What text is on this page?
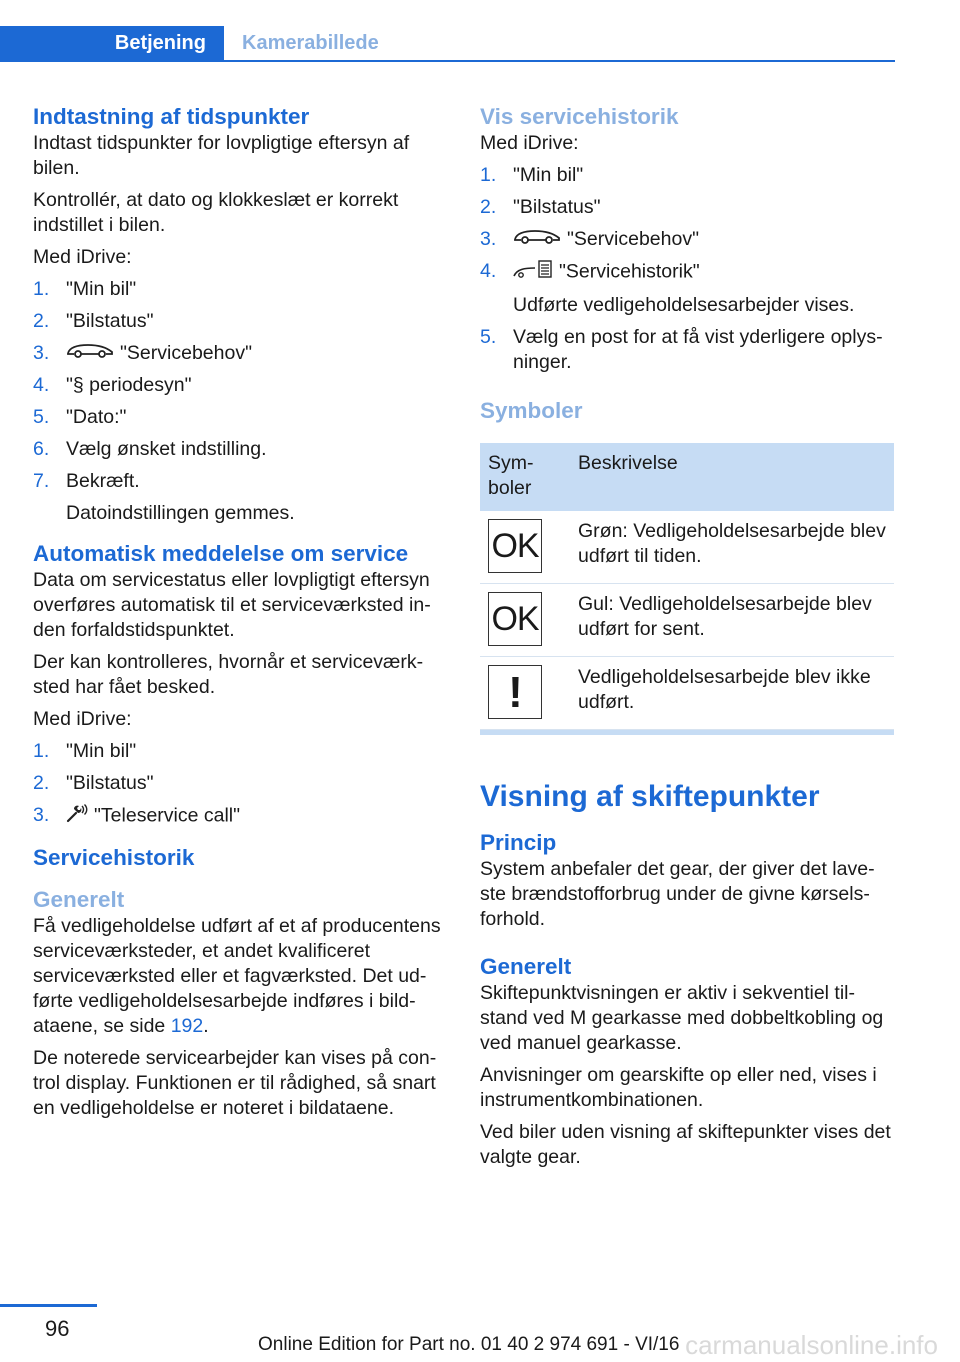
Betjening	Kamerabillede
Indtastning af tidspunkter

Indtast tidspunkter for lovpligtige eftersyn af bilen.

Kontrollér, at dato og klokkeslæt er korrekt indstillet i bilen.

Med iDrive:

1. "Min bil"
2. "Bilstatus"
3.	"Servicebehov"
4. "§ periodesyn"
5. "Dato:"
6. Vælg ønsket indstilling.
7. Bekræft.
Datoindstillingen gemmes.
Automatisk meddelelse om service

Data om servicestatus eller lovpligtigt eftersyn overføres automatisk til et serviceværksted inden forfaldstidspunktet.

Der kan kontrolleres, hvornår et serviceværksted har fået besked.

Med iDrive:

1. "Min bil"
2. "Bilstatus"
3. "Teleservice call"
Servicehistorik
Generelt

Få vedligeholdelse udført af et af producentens serviceværksteder, et andet kvalificeret serviceværksted eller et fagværksted. Det udførte vedligeholdelsesarbejde indføres i bildataene, se side 192.

De noterede servicearbejder kan vises på control display. Funktionen er til rådighed, så snart en vedligeholdelse er noteret i bildataene.

Vis servicehistorik

Med iDrive:

1. "Min bil"
2. "Bilstatus"
3.	"Servicebehov"
4.	"Servicehistorik"
Udførte vedligeholdelsesarbejder vises.
5. Vælg en post for at få vist yderligere oplysninger.
Symboler
Symboler	Beskrivelse

OK	Grøn: Vedligeholdelsesarbejde blev udført til tiden.

OK	Gul: Vedligeholdelsesarbejde blev udført for sent.

!	Vedligeholdelsesarbejde blev ikke udført.
Visning af skiftepunkter
Princip

System anbefaler det gear, der giver det laveste brændstofforbrug under de givne kørselsforhold.

Generelt

Skiftepunktvisningen er aktiv i sekventiel tilstand ved M gearkasse med dobbeltkobling og ved manuel gearkasse.

Anvisninger om gearskifte op eller ned, vises i instrumentkombinationen.

Ved biler uden visning af skiftepunkter vises det valgte gear.

96
Online Edition for Part no. 01 40 2 974 691 - VI/16 carmanualsonline.info
